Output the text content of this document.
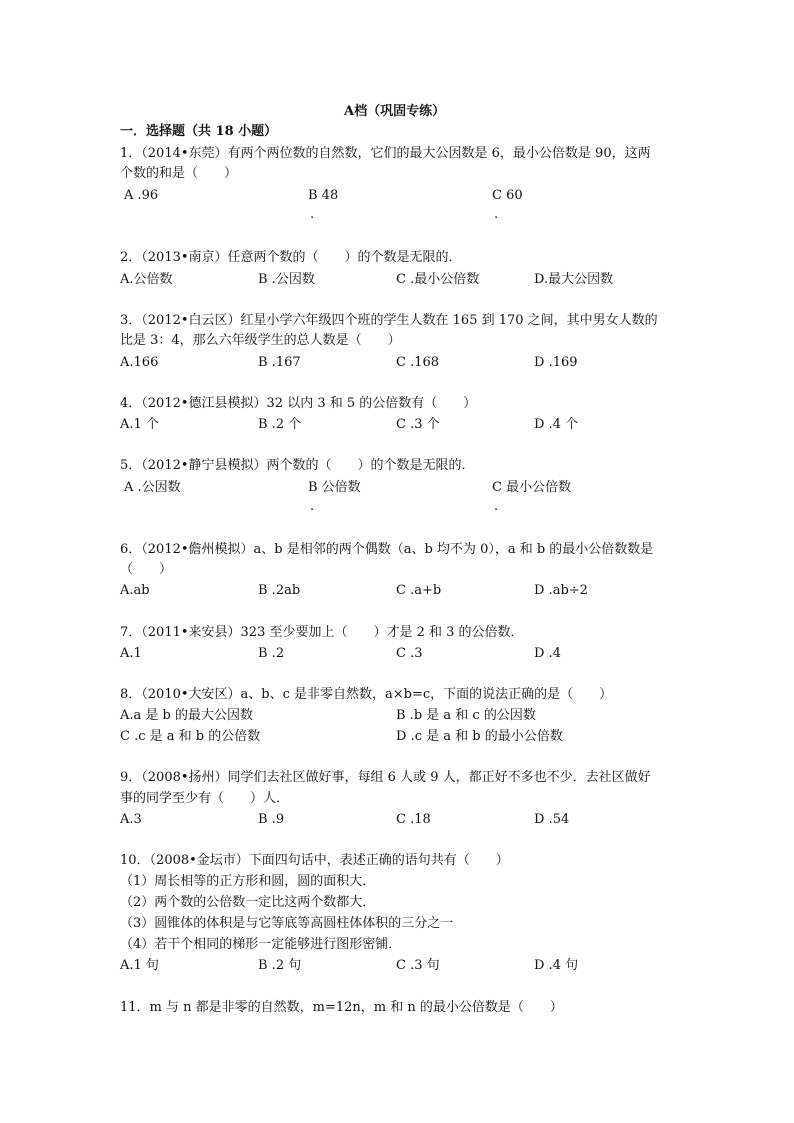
A档（巩固专练）
一．选择题（共 18 小题）
1．（2014•东莞）有两个两位数的自然数，它们的最大公因数是 6，最小公倍数是 90，这两
个数的和是（　　）
A .96	B 48	C 60
.	.
2．（2013•南京）任意两个数的（　　）的个数是无限的．
A.公倍数	B .公因数	C .最小公倍数	D.最大公因数
3．（2012•白云区）红星小学六年级四个班的学生人数在 165 到 170 之间，其中男女人数的
比是 3：4，那么六年级学生的总人数是（　　）
A.166	B .167	C .168	D .169
4．（2012•德江县模拟）32 以内 3 和 5 的公倍数有（　　）
A.1 个	B .2 个	C .3 个	D .4 个
5．（2012•静宁县模拟）两个数的（　　）的个数是无限的．
A .公因数	B 公倍数	C 最小公倍数
.	.
6．（2012•儋州模拟）a、b 是相邻的两个偶数（a、b 均不为 0），a 和 b 的最小公倍数数是
（　　）
A.ab	B .2ab	C .a+b	D .ab÷2
7．（2011•来安县）323 至少要加上（　　）才是 2 和 3 的公倍数．
A.1	B .2	C .3	D .4
8．（2010•大安区）a、b、c 是非零自然数，a×b=c，下面的说法正确的是（　　）
A.a 是 b 的最大公因数	B .b 是 a 和 c 的公因数
C .c 是 a 和 b 的公倍数	D .c 是 a 和 b 的最小公倍数
9．（2008•扬州）同学们去社区做好事，每组 6 人或 9 人，都正好不多也不少．去社区做好
事的同学至少有（　　）人．
A.3	B .9	C .18	D .54
10．（2008•金坛市）下面四句话中，表述正确的语句共有（　　）
（1）周长相等的正方形和圆，圆的面积大．
（2）两个数的公倍数一定比这两个数都大．
（3）圆锥体的体积是与它等底等高圆柱体体积的三分之一
（4）若干个相同的梯形一定能够进行图形密铺．
A.1 句	B .2 句	C .3 句	D .4 句
11．m 与 n 都是非零的自然数，m=12n，m 和 n 的最小公倍数是（　　）
